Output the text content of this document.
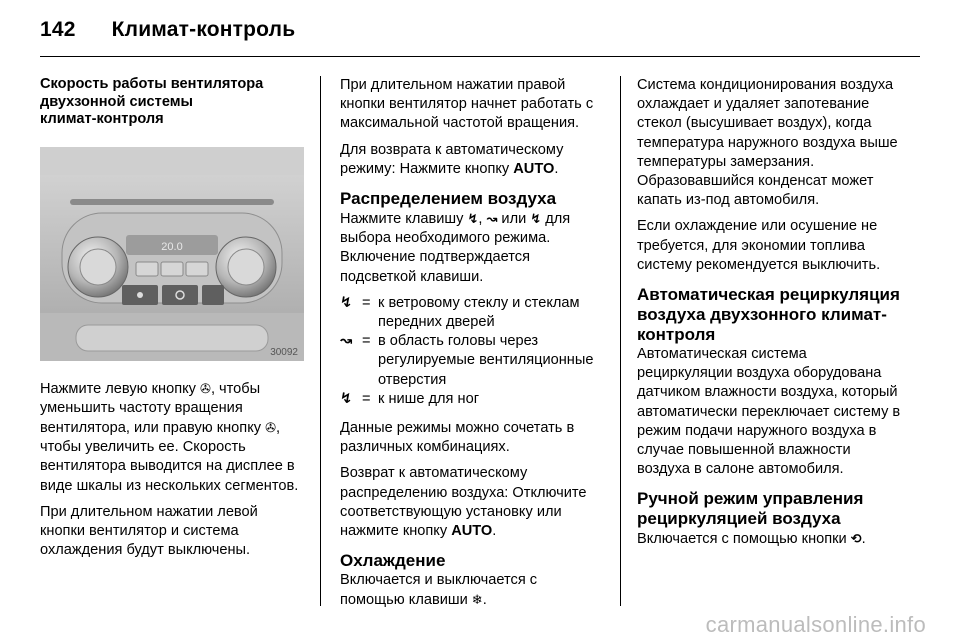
142 Климат-контроль
Скорость работы вентилятора
двухзонной системы
климат-контроля
20.0
30092

Нажмите левую кнопку ✇, чтобы уменьшить частоту вращения вентилятора, или правую кнопку ✇, чтобы увеличить ее. Скорость вентилятора выводится на дисплее в виде шкалы из нескольких сегментов.

При длительном нажатии левой кнопки вентилятор и система охлаждения будут выключены.

При длительном нажатии правой кнопки вентилятор начнет работать с максимальной частотой вращения.

Для возврата к автоматическому режиму: Нажмите кнопку AUTO.

Распределением воздуха

Нажмите клавишу ↯, ↝ или ↯ для выбора необходимого режима. Включение подтверждается подсветкой клавиши.

↯ = к ветровому стеклу и стеклам передних дверей
↝ = в область головы через регулируемые вентиляционные отверстия
↯ = к нише для ног

Данные режимы можно сочетать в различных комбинациях.

Возврат к автоматическому распределению воздуха: Отключите соответствующую установку или нажмите кнопку AUTO.

Охлаждение

Включается и выключается с помощью клавиши ❄.

Система кондиционирования воздуха охлаждает и удаляет запотевание стекол (высушивает воздух), когда температура наружного воздуха выше температуры замерзания. Образовавшийся конденсат может капать из-под автомобиля.

Если охлаждение или осушение не требуется, для экономии топлива систему рекомендуется выключить.

Автоматическая рециркуляция воздуха двухзонного климат-контроля

Автоматическая система рециркуляции воздуха оборудована датчиком влажности воздуха, который автоматически переключает систему в режим подачи наружного воздуха в случае повышенной влажности воздуха в салоне автомобиля.

Ручной режим управления рециркуляцией воздуха

Включается с помощью кнопки ⟲.

carmanualsonline.info
